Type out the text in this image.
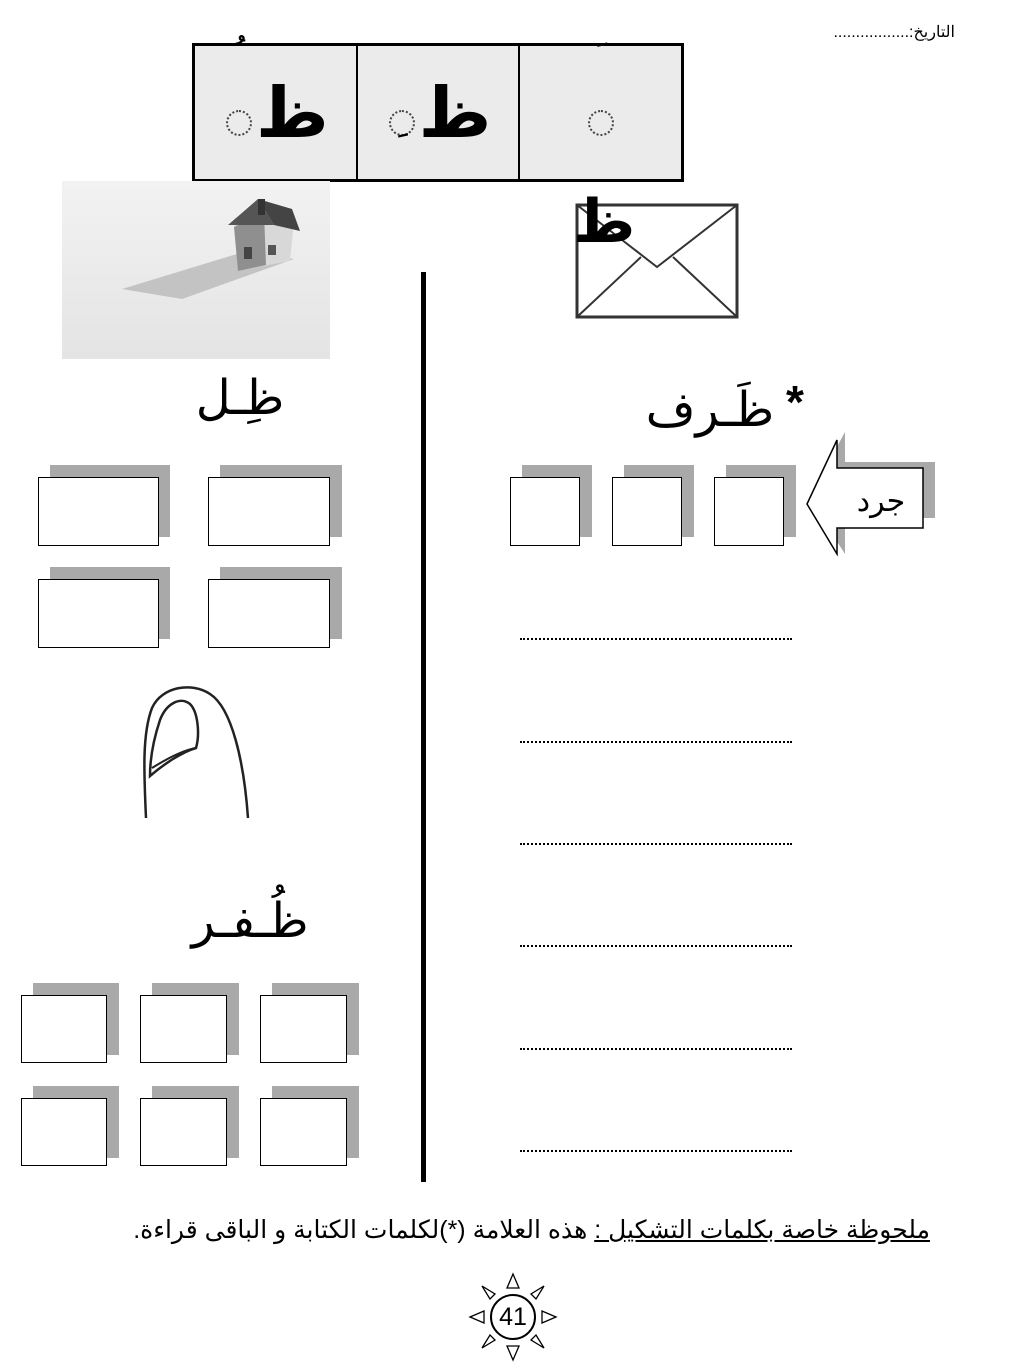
التاريخ:.................
ظ ظ
ظ
ظِـل	ظَـرف *
جرد
ظُـفـر
ملحوظة خاصة بكلمات التشكيل : هذه العلامة (*)لكلمات الكتابة و الباقى قراءة.
41
